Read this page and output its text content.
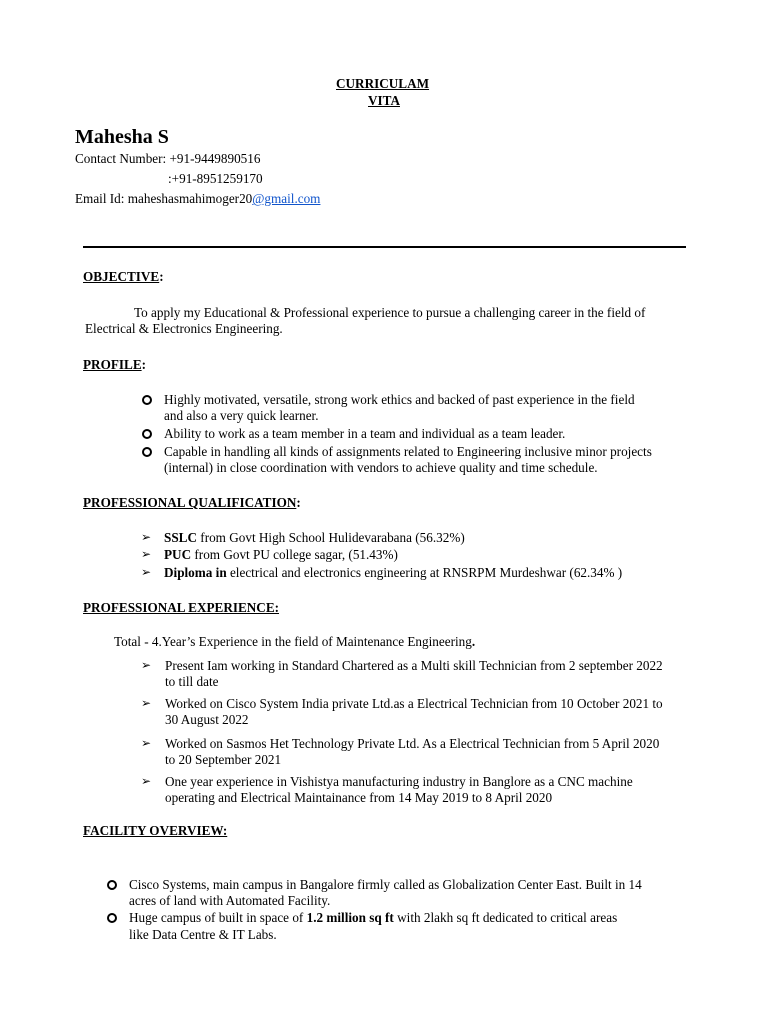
CURRICULAM
VITA
Mahesha S
Contact Number: +91-9449890516
:+91-8951259170
Email Id: maheshasmahimoger20@gmail.com
OBJECTIVE:
To apply my Educational & Professional experience to pursue a challenging career in the field of
Electrical & Electronics Engineering.
PROFILE:
Highly motivated, versatile, strong work ethics and backed of past experience in the field
and also a very quick learner.
Ability to work as a team member in a team and individual as a team leader.
Capable in handling all kinds of assignments related to Engineering inclusive minor projects
(internal) in close coordination with vendors to achieve quality and time schedule.
PROFESSIONAL QUALIFICATION:
➢ SSLC from Govt High School Hulidevarabana (56.32%)
➢ PUC from Govt PU college sagar, (51.43%)
➢ Diploma in electrical and electronics engineering at RNSRPM Murdeshwar (62.34% )
PROFESSIONAL EXPERIENCE:
Total - 4.Year’s Experience in the field of Maintenance Engineering.
➢ Present Iam working in Standard Chartered as a Multi skill Technician from 2 september 2022
to till date
➢ Worked on Cisco System India private Ltd.as a Electrical Technician from 10 October 2021 to
30 August 2022
➢ Worked on Sasmos Het Technology Private Ltd. As a Electrical Technician from 5 April 2020
to 20 September 2021
➢ One year experience in Vishistya manufacturing industry in Banglore as a CNC machine
operating and Electrical Maintainance from 14 May 2019 to 8 April 2020
FACILITY OVERVIEW:
Cisco Systems, main campus in Bangalore firmly called as Globalization Center East. Built in 14
acres of land with Automated Facility.
Huge campus of built in space of 1.2 million sq ft with 2lakh sq ft dedicated to critical areas
like Data Centre & IT Labs.
